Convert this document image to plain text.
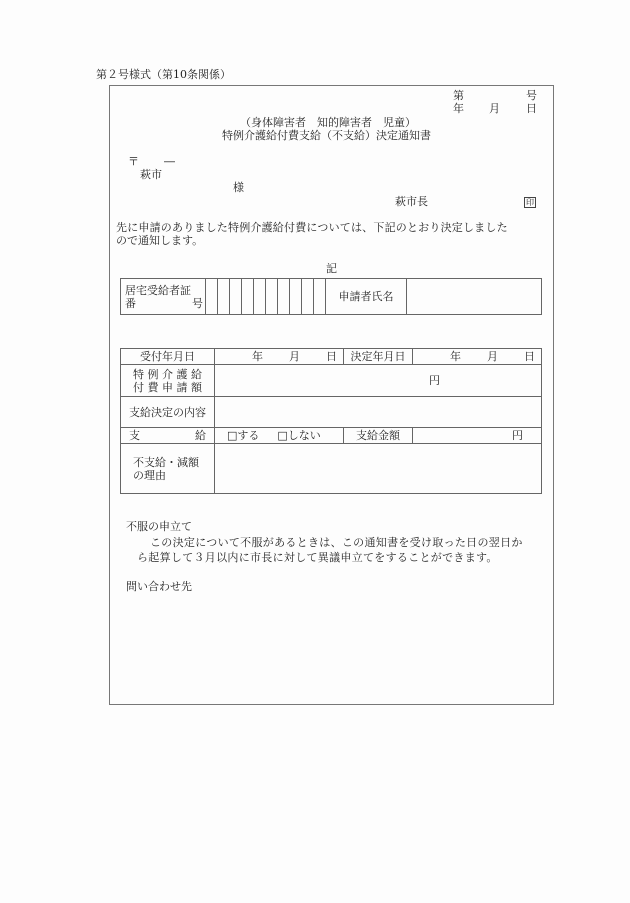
第２号様式（第10条関係）
第	号
年 月 日
（身体障害者　知的障害者　児童）
特例介護給付費支給（不支給）決定通知書
〒 ―
萩市
様
萩市長	印
先に申請のありました特例介護給付費については、下記のとおり決定しました
ので通知します。
記
居宅受給者証
番	号											申請者氏名	
受付年月日	年 月 日	決定年月日	年 月 日

特 例 介 護 給
付 費 申 請 額	円		

支給決定の内容			

支 給	□する □しない	支給金額	円

不支給・減額
の理由			

不服の申立て
この決定について不服があるときは、この通知書を受け取った日の翌日か
ら起算して３月以内に市長に対して異議申立てをすることができます。
問い合わせ先
